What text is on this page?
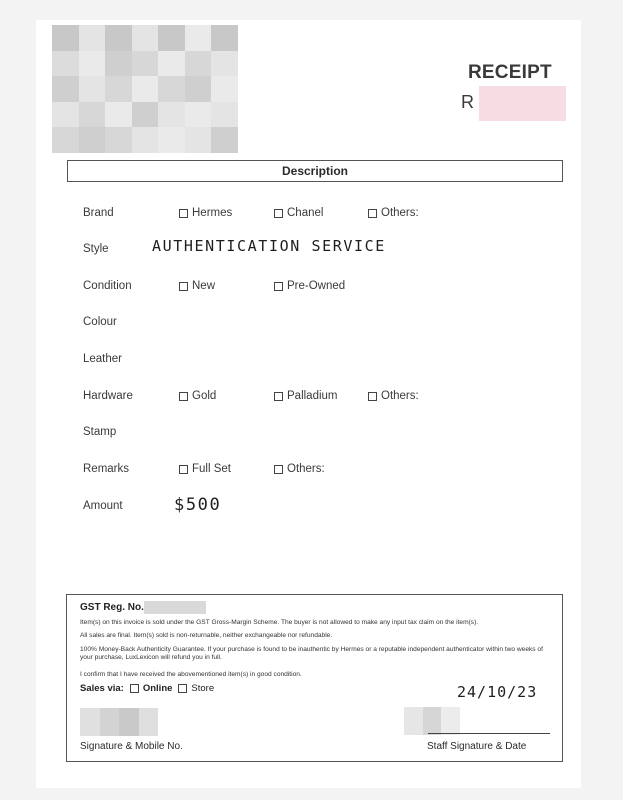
RECEIPT
R
Description
Brand	Hermes	Chanel	Others:
Style	AUTHENTICATION SERVICE
Condition	New	Pre-Owned
Colour
Leather
Hardware	Gold	Palladium	Others:
Stamp
Remarks	Full Set	Others:
Amount	$500
GST Reg. No.
Item(s) on this invoice is sold under the GST Gross-Margin Scheme. The buyer is not allowed to make any input tax claim on the item(s).
All sales are final. Item(s) sold is non-returnable, neither exchangeable nor refundable.
100% Money-Back Authenticity Guarantee. If your purchase is found to be inauthentic by Hermes or a reputable independent authenticator within two weeks of your purchase, LuxLexicon will refund you in full.
I confirm that I have received the abovementioned item(s) in good condition.
Sales via: Online Store	24/10/23
Signature & Mobile No.	Staff Signature & Date
